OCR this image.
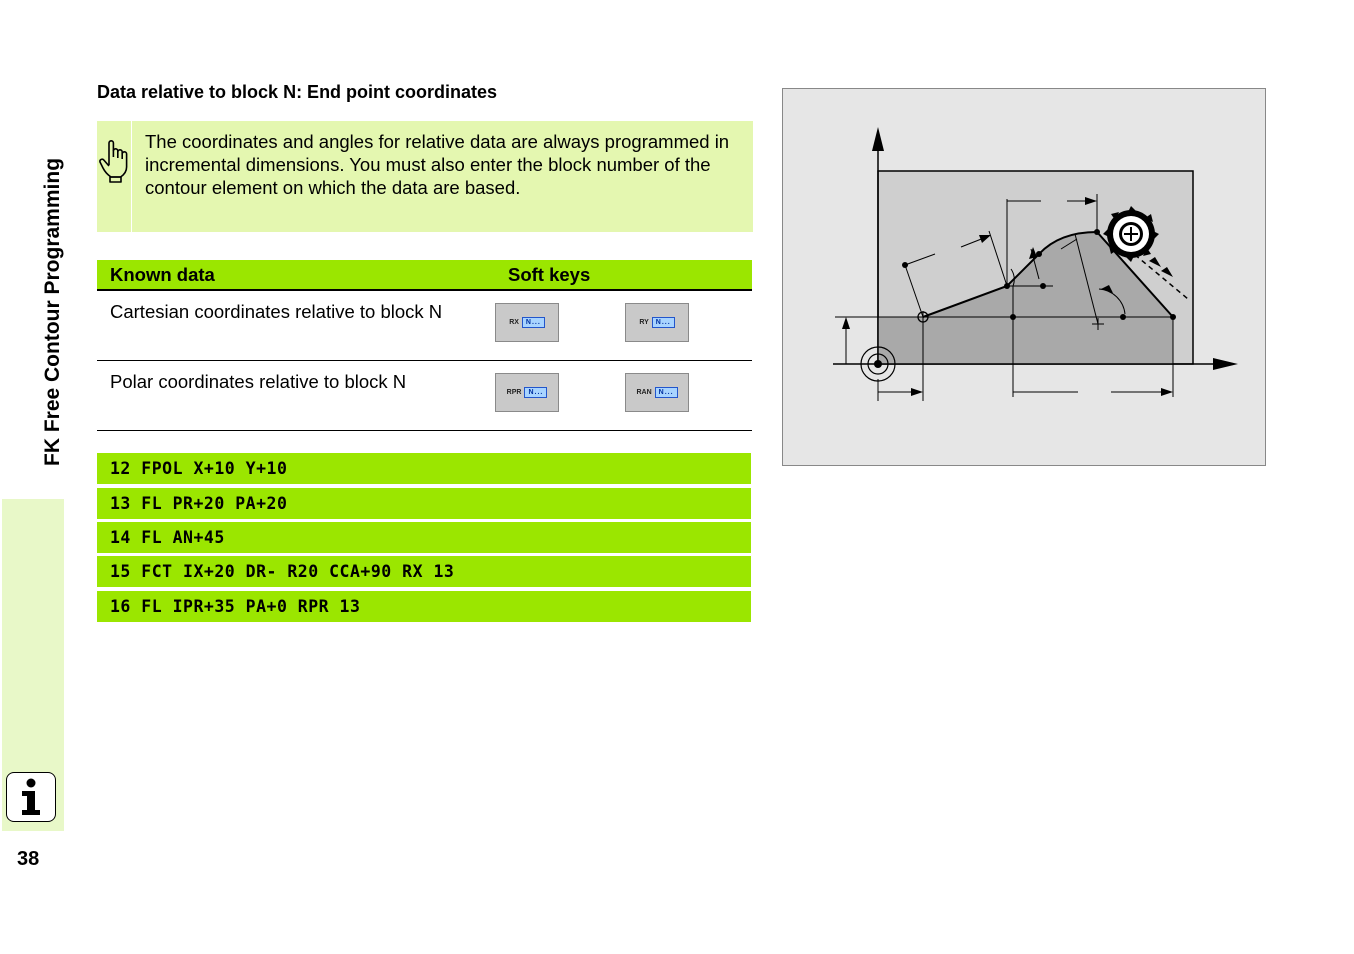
FK Free Contour Programming
38
Data relative to block N: End point coordinates
The coordinates and angles for relative data are always programmed in incremental dimensions. You must also enter the block number of the contour element on which the data are based.
Known data	Soft keys	
Cartesian coordinates relative to block N	RX N...	RY N...

Polar coordinates relative to block N	RPR N...	RAN N...
12 FPOL X+10 Y+10
13 FL PR+20 PA+20
14 FL AN+45
15 FCT IX+20 DR- R20 CCA+90 RX 13
16 FL IPR+35 PA+0 RPR 13
